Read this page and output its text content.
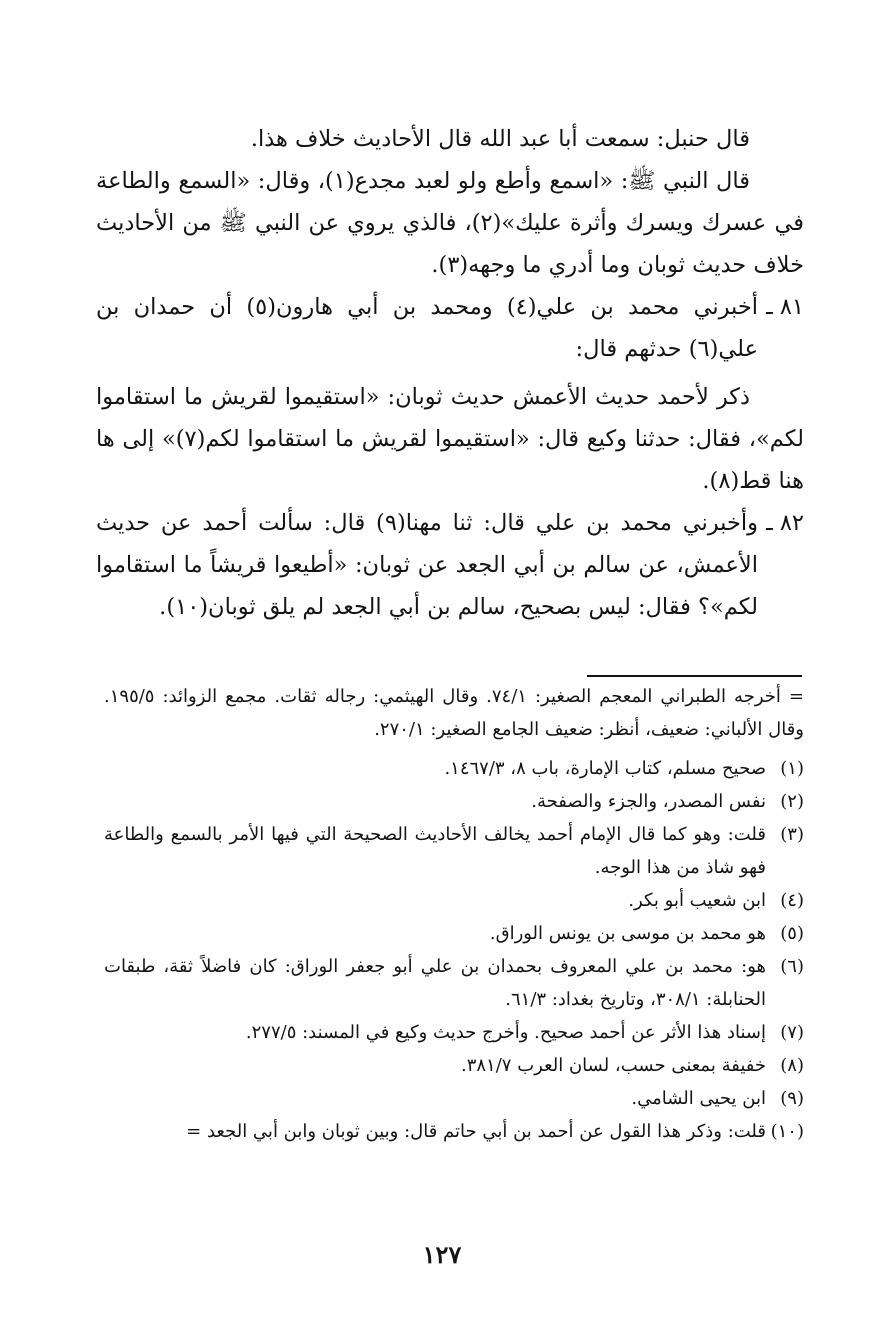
قال حنبل: سمعت أبا عبد الله قال الأحاديث خلاف هذا.

قال النبي ﷺ: «اسمع وأطع ولو لعبد مجدع(١)، وقال: «السمع والطاعة في عسرك ويسرك وأثرة عليك»(٢)، فالذي يروي عن النبي ﷺ من الأحاديث خلاف حديث ثوبان وما أدري ما وجهه(٣).

٨١ ـأخبرني محمد بن علي(٤) ومحمد بن أبي هارون(٥) أن حمدان بن علي(٦) حدثهم قال:

ذكر لأحمد حديث الأعمش حديث ثوبان: «استقيموا لقريش ما استقاموا لكم»، فقال: حدثنا وكيع قال: «استقيموا لقريش ما استقاموا لكم(٧)» إلى ها هنا قط(٨).

٨٢ ـوأخبرني محمد بن علي قال: ثنا مهنا(٩) قال: سألت أحمد عن حديث الأعمش، عن سالم بن أبي الجعد عن ثوبان: «أطيعوا قريشاً ما استقاموا لكم»؟ فقال: ليس بصحيح، سالم بن أبي الجعد لم يلق ثوبان(١٠).

= أخرجه الطبراني المعجم الصغير: ٧٤/١. وقال الهيثمي: رجاله ثقات. مجمع الزوائد: ١٩٥/٥. وقال الألباني: ضعيف، أنظر: ضعيف الجامع الصغير: ٢٧٠/١.

(١)صحيح مسلم، كتاب الإمارة، باب ٨، ١٤٦٧/٣.

(٢)نفس المصدر، والجزء والصفحة.

(٣)قلت: وهو كما قال الإمام أحمد يخالف الأحاديث الصحيحة التي فيها الأمر بالسمع والطاعة فهو شاذ من هذا الوجه.

(٤)ابن شعيب أبو بكر.

(٥)هو محمد بن موسى بن يونس الوراق.

(٦)هو: محمد بن علي المعروف بحمدان بن علي أبو جعفر الوراق: كان فاضلاً ثقة، طبقات الحنابلة: ٣٠٨/١، وتاريخ بغداد: ٦١/٣.

(٧)إسناد هذا الأثر عن أحمد صحيح. وأخرج حديث وكيع في المسند: ٢٧٧/٥.

(٨)خفيفة بمعنى حسب، لسان العرب ٣٨١/٧.

(٩)ابن يحيى الشامي.

(١٠)قلت: وذكر هذا القول عن أحمد بن أبي حاتم قال: وبين ثوبان وابن أبي الجعد =

١٢٧
